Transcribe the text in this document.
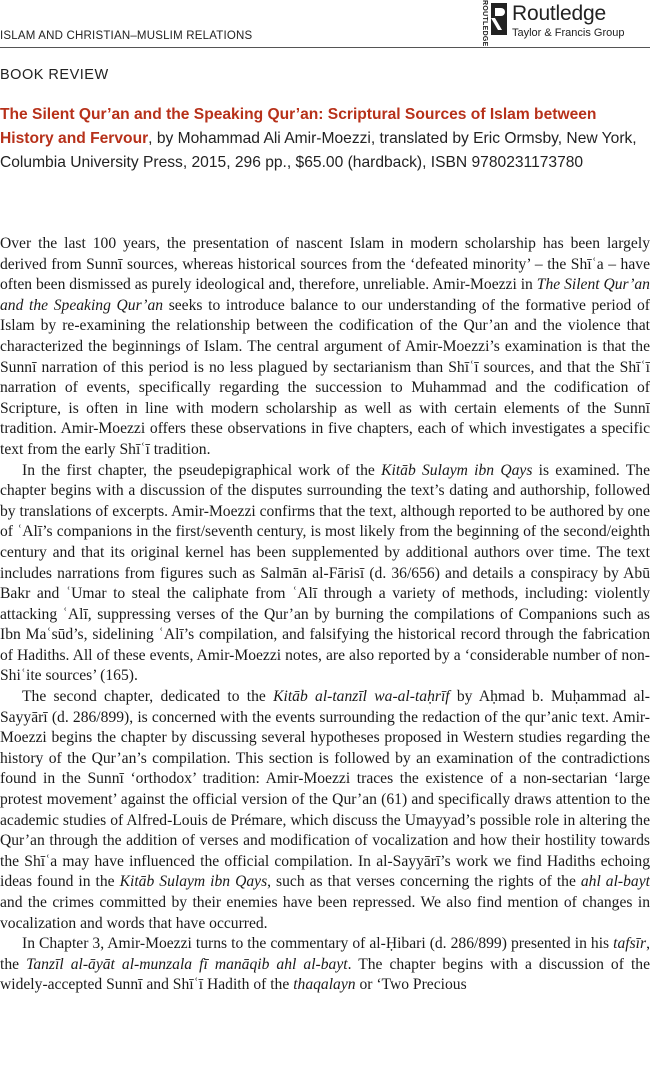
ISLAM AND CHRISTIAN–MUSLIM RELATIONS	ROUTLEDGE Routledge
Taylor & Francis Group
BOOK REVIEW
The Silent Qur’an and the Speaking Qur’an: Scriptural Sources of Islam between History and Fervour, by Mohammad Ali Amir-Moezzi, translated by Eric Ormsby, New York, Columbia University Press, 2015, 296 pp., $65.00 (hardback), ISBN 9780231173780

Over the last 100 years, the presentation of nascent Islam in modern scholarship has been largely derived from Sunnī sources, whereas historical sources from the ‘defeated minority’ – the Shīʿa – have often been dismissed as purely ideological and, therefore, unreliable. Amir-Moezzi in The Silent Qur’an and the Speaking Qur’an seeks to introduce balance to our understanding of the formative period of Islam by re-examining the relationship between the codification of the Qur’an and the violence that characterized the beginnings of Islam. The central argument of Amir-Moezzi’s examination is that the Sunnī narration of this period is no less plagued by sectarianism than Shīʿī sources, and that the Shīʿī narration of events, specifically regarding the succession to Muhammad and the codification of Scripture, is often in line with modern scholarship as well as with certain elements of the Sunnī tradition. Amir-Moezzi offers these observations in five chapters, each of which investigates a specific text from the early Shīʿī tradition.

In the first chapter, the pseudepigraphical work of the Kitāb Sulaym ibn Qays is examined. The chapter begins with a discussion of the disputes surrounding the text’s dating and authorship, followed by translations of excerpts. Amir-Moezzi confirms that the text, although reported to be authored by one of ʿAlī’s companions in the first/seventh century, is most likely from the beginning of the second/eighth century and that its original kernel has been supplemented by additional authors over time. The text includes narrations from figures such as Salmān al-Fārisī (d. 36/656) and details a conspiracy by Abū Bakr and ʿUmar to steal the caliphate from ʿAlī through a variety of methods, including: violently attacking ʿAlī, suppressing verses of the Qur’an by burning the compilations of Companions such as Ibn Maʿsūd’s, sidelining ʿAlī’s compilation, and falsifying the historical record through the fabrication of Hadiths. All of these events, Amir-Moezzi notes, are also reported by a ‘considerable number of non-Shiʿite sources’ (165).

The second chapter, dedicated to the Kitāb al-tanzīl wa-al-taḥrīf by Aḥmad b. Muḥammad al-Sayyārī (d. 286/899), is concerned with the events surrounding the redaction of the qur’anic text. Amir-Moezzi begins the chapter by discussing several hypotheses proposed in Western studies regarding the history of the Qur’an’s compilation. This section is followed by an examination of the contradictions found in the Sunnī ‘orthodox’ tradition: Amir-Moezzi traces the existence of a non-sectarian ‘large protest movement’ against the official version of the Qur’an (61) and specifically draws attention to the academic studies of Alfred-Louis de Prémare, which discuss the Umayyad’s possible role in altering the Qur’an through the addition of verses and modification of vocalization and how their hostility towards the Shīʿa may have influenced the official compilation. In al-Sayyārī’s work we find Hadiths echoing ideas found in the Kitāb Sulaym ibn Qays, such as that verses concerning the rights of the ahl al-bayt and the crimes committed by their enemies have been repressed. We also find mention of changes in vocalization and words that have occurred.

In Chapter 3, Amir-Moezzi turns to the commentary of al-Ḥibari (d. 286/899) presented in his tafsīr, the Tanzīl al-āyāt al-munzala fī manāqib ahl al-bayt. The chapter begins with a discussion of the widely-accepted Sunnī and Shīʿī Hadith of the thaqalayn or ‘Two Precious
